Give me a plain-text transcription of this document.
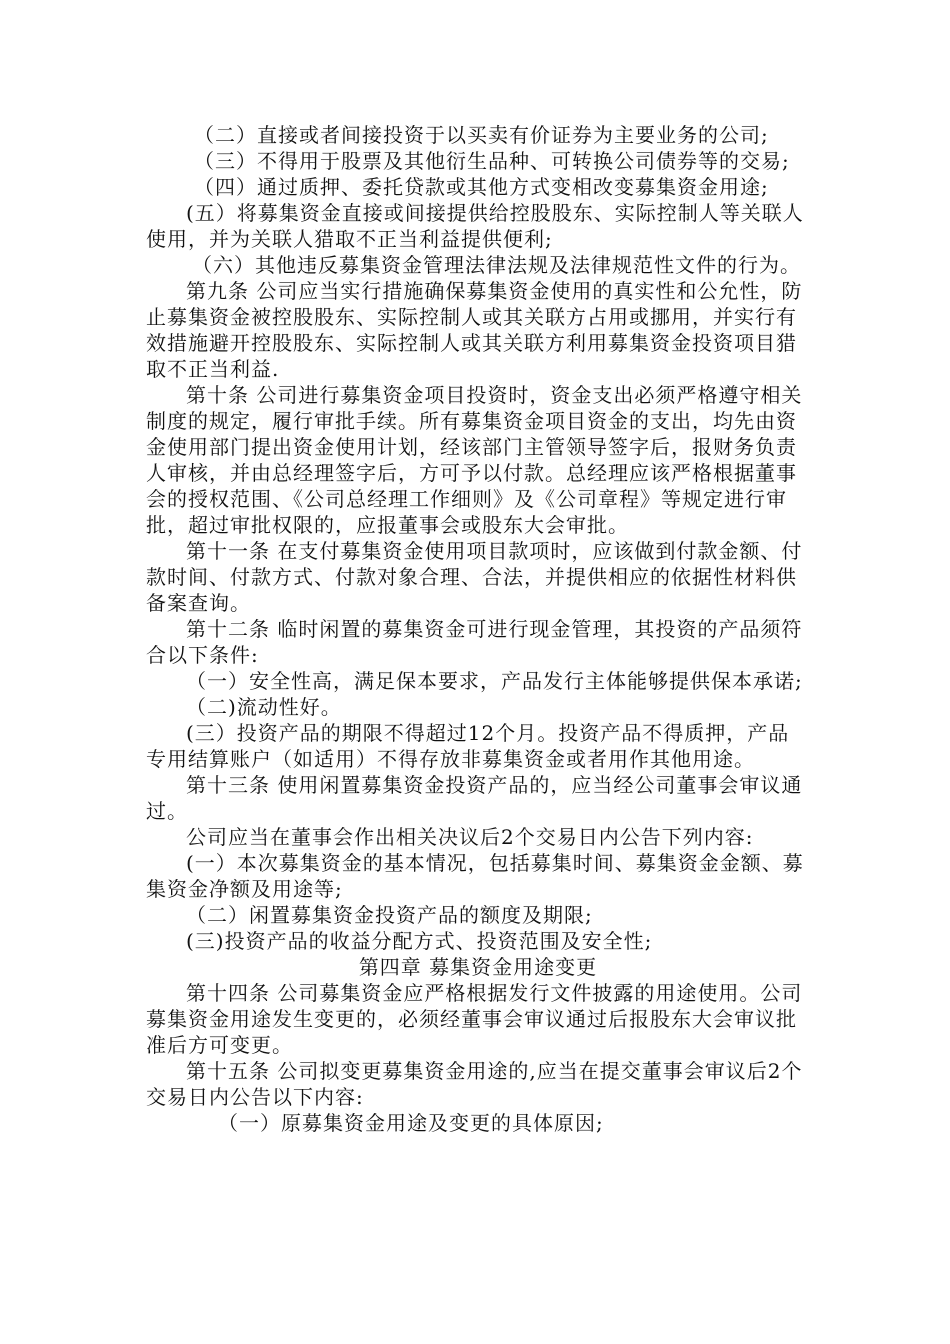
（二）直接或者间接投资于以买卖有价证券为主要业务的公司;

（三）不得用于股票及其他衍生品种、可转换公司债券等的交易;

（四）通过质押、委托贷款或其他方式变相改变募集资金用途;

(五）将募集资金直接或间接提供给控股股东、实际控制人等关联人使用，并为关联人猎取不正当利益提供便利;

（六）其他违反募集资金管理法律法规及法律规范性文件的行为。

第九条 公司应当实行措施确保募集资金使用的真实性和公允性，防止募集资金被控股股东、实际控制人或其关联方占用或挪用，并实行有效措施避开控股股东、实际控制人或其关联方利用募集资金投资项目猎取不正当利益.

第十条 公司进行募集资金项目投资时，资金支出必须严格遵守相关制度的规定，履行审批手续。所有募集资金项目资金的支出，均先由资金使用部门提出资金使用计划，经该部门主管领导签字后，报财务负责人审核，并由总经理签字后，方可予以付款。总经理应该严格根据董事会的授权范围、《公司总经理工作细则》及《公司章程》等规定进行审批，超过审批权限的，应报董事会或股东大会审批。

第十一条 在支付募集资金使用项目款项时，应该做到付款金额、付款时间、付款方式、付款对象合理、合法，并提供相应的依据性材料供备案查询。

第十二条 临时闲置的募集资金可进行现金管理，其投资的产品须符合以下条件:

（一）安全性高，满足保本要求，产品发行主体能够提供保本承诺;

（二)流动性好。

(三）投资产品的期限不得超过12个月。投资产品不得质押，产品专用结算账户（如适用）不得存放非募集资金或者用作其他用途。

第十三条 使用闲置募集资金投资产品的，应当经公司董事会审议通过。

公司应当在董事会作出相关决议后2个交易日内公告下列内容:

(一）本次募集资金的基本情况，包括募集时间、募集资金金额、募集资金净额及用途等;

（二）闲置募集资金投资产品的额度及期限;

(三)投资产品的收益分配方式、投资范围及安全性;

第四章 募集资金用途变更

第十四条 公司募集资金应严格根据发行文件披露的用途使用。公司募集资金用途发生变更的，必须经董事会审议通过后报股东大会审议批准后方可变更。

第十五条 公司拟变更募集资金用途的,应当在提交董事会审议后2个交易日内公告以下内容:

（一）原募集资金用途及变更的具体原因;
